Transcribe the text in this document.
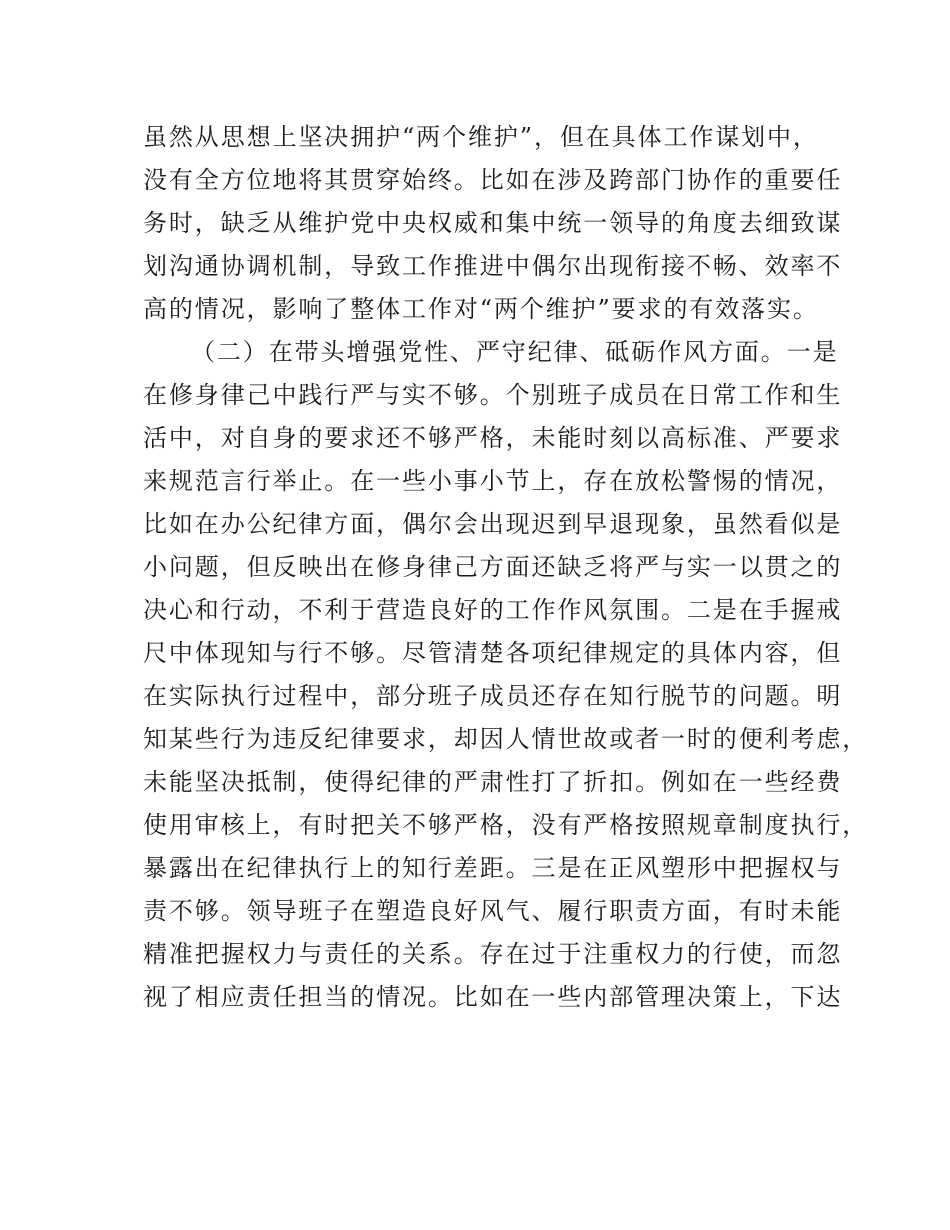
虽然从思想上坚决拥护“两个维护”，但在具体工作谋划中，
没有全方位地将其贯穿始终。比如在涉及跨部门协作的重要任
务时，缺乏从维护党中央权威和集中统一领导的角度去细致谋
划沟通协调机制，导致工作推进中偶尔出现衔接不畅、效率不
高的情况，影响了整体工作对“两个维护”要求的有效落实。
（二）在带头增强党性、严守纪律、砥砺作风方面。一是
在修身律己中践行严与实不够。个别班子成员在日常工作和生
活中，对自身的要求还不够严格，未能时刻以高标准、严要求
来规范言行举止。在一些小事小节上，存在放松警惕的情况，
比如在办公纪律方面，偶尔会出现迟到早退现象，虽然看似是
小问题，但反映出在修身律己方面还缺乏将严与实一以贯之的
决心和行动，不利于营造良好的工作作风氛围。二是在手握戒
尺中体现知与行不够。尽管清楚各项纪律规定的具体内容，但
在实际执行过程中，部分班子成员还存在知行脱节的问题。明
知某些行为违反纪律要求，却因人情世故或者一时的便利考虑，
未能坚决抵制，使得纪律的严肃性打了折扣。例如在一些经费
使用审核上，有时把关不够严格，没有严格按照规章制度执行，
暴露出在纪律执行上的知行差距。三是在正风塑形中把握权与
责不够。领导班子在塑造良好风气、履行职责方面，有时未能
精准把握权力与责任的关系。存在过于注重权力的行使，而忽
视了相应责任担当的情况。比如在一些内部管理决策上，下达
